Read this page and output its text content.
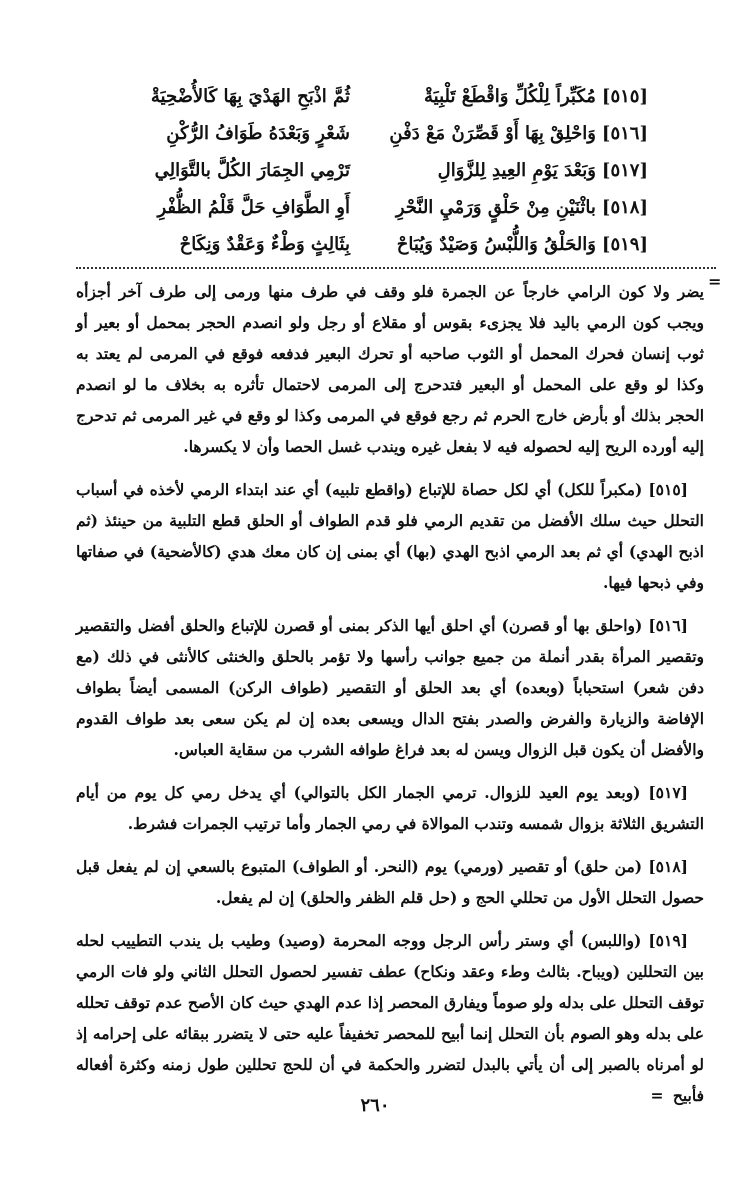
[٥١٥]مُكَبِّراً لِلْكُلِّ وَاقْطَعْ تَلْبِيَةْ
ثُمَّ اذْبَحِ الهَدْيَ بِهَا كَالأُضْحِيَةْ
[٥١٦]وَاحْلِقْ بِهَا أَوْ قَصِّرَنْ مَعْ دَفْنِ
شَعْرٍ وَبَعْدَهُ طَوَافُ الرُّكْنِ
[٥١٧]وَبَعْدَ يَوْمِ العِيدِ لِلزَّوَالِ
تَرْمِي الجِمَارَ الكُلَّ بالتَّوَالِي
[٥١٨]باثْنَيْنِ مِنْ حَلْقٍ وَرَمْيِ النَّحْرِ
أَوِ الطَّوَافِ حَلَّ قَلْمُ الظُّفْرِ
[٥١٩]وَالحَلْقُ وَاللُّبْسُ وَصَيْدٌ وَيُبَاحْ
بِثَالِثٍ وَطْءٌ وَعَقْدٌ وَنِكَاحْ
=

يضر ولا كون الرامي خارجاً عن الجمرة فلو وقف في طرف منها ورمى إلى طرف آخر أجزأه ويجب كون الرمي باليد فلا يجزىء بقوس أو مقلاع أو رجل ولو انصدم الحجر بمحمل أو بعير أو ثوب إنسان فحرك المحمل أو الثوب صاحبه أو تحرك البعير فدفعه فوقع في المرمى لم يعتد به وكذا لو وقع على المحمل أو البعير فتدحرج إلى المرمى لاحتمال تأثره به بخلاف ما لو انصدم الحجر بذلك أو بأرض خارج الحرم ثم رجع فوقع في المرمى وكذا لو وقع في غير المرمى ثم تدحرج إليه أورده الريح إليه لحصوله فيه لا بفعل غيره ويندب غسل الحصا وأن لا يكسرها.

[٥١٥] (مكبراً للكل) أي لكل حصاة للإتباع (واقطع تلبيه) أي عند ابتداء الرمي لأخذه في أسباب التحلل حيث سلك الأفضل من تقديم الرمي فلو قدم الطواف أو الحلق قطع التلبية من حينئذ (ثم اذبح الهدي) أي ثم بعد الرمي اذبح الهدي (بها) أي بمنى إن كان معك هدي (كالأضحية) في صفاتها وفي ذبحها فيها.

[٥١٦] (واحلق بها أو قصرن) أي احلق أيها الذكر بمنى أو قصرن للإتباع والحلق أفضل والتقصير وتقصير المرأة بقدر أنملة من جميع جوانب رأسها ولا تؤمر بالحلق والخنثى كالأنثى في ذلك (مع دفن شعر) استحباباً (وبعده) أي بعد الحلق أو التقصير (طواف الركن) المسمى أيضاً بطواف الإفاضة والزيارة والفرض والصدر بفتح الدال ويسعى بعده إن لم يكن سعى بعد طواف القدوم والأفضل أن يكون قبل الزوال ويسن له بعد فراغ طوافه الشرب من سقاية العباس.

[٥١٧] (وبعد يوم العيد للزوال. ترمي الجمار الكل بالتوالي) أي يدخل رمي كل يوم من أيام التشريق الثلاثة بزوال شمسه وتندب الموالاة في رمي الجمار وأما ترتيب الجمرات فشرط.

[٥١٨] (من حلق) أو تقصير (ورمي) يوم (النحر. أو الطواف) المتبوع بالسعي إن لم يفعل قبل حصول التحلل الأول من تحللي الحج و (حل قلم الظفر والحلق) إن لم يفعل.

[٥١٩] (واللبس) أي وستر رأس الرجل ووجه المحرمة (وصيد) وطيب بل يندب التطييب لحله بين التحللين (ويباح. بثالث وطء وعقد ونكاح) عطف تفسير لحصول التحلل الثاني ولو فات الرمي توقف التحلل على بدله ولو صوماً ويفارق المحصر إذا عدم الهدي حيث كان الأصح عدم توقف تحلله على بدله وهو الصوم بأن التحلل إنما أبيح للمحصر تخفيفاً عليه حتى لا يتضرر ببقائه على إحرامه إذ لو أمرناه بالصبر إلى أن يأتي بالبدل لتضرر والحكمة في أن للحج تحللين طول زمنه وكثرة أفعاله فأبيح =

٢٦٠
